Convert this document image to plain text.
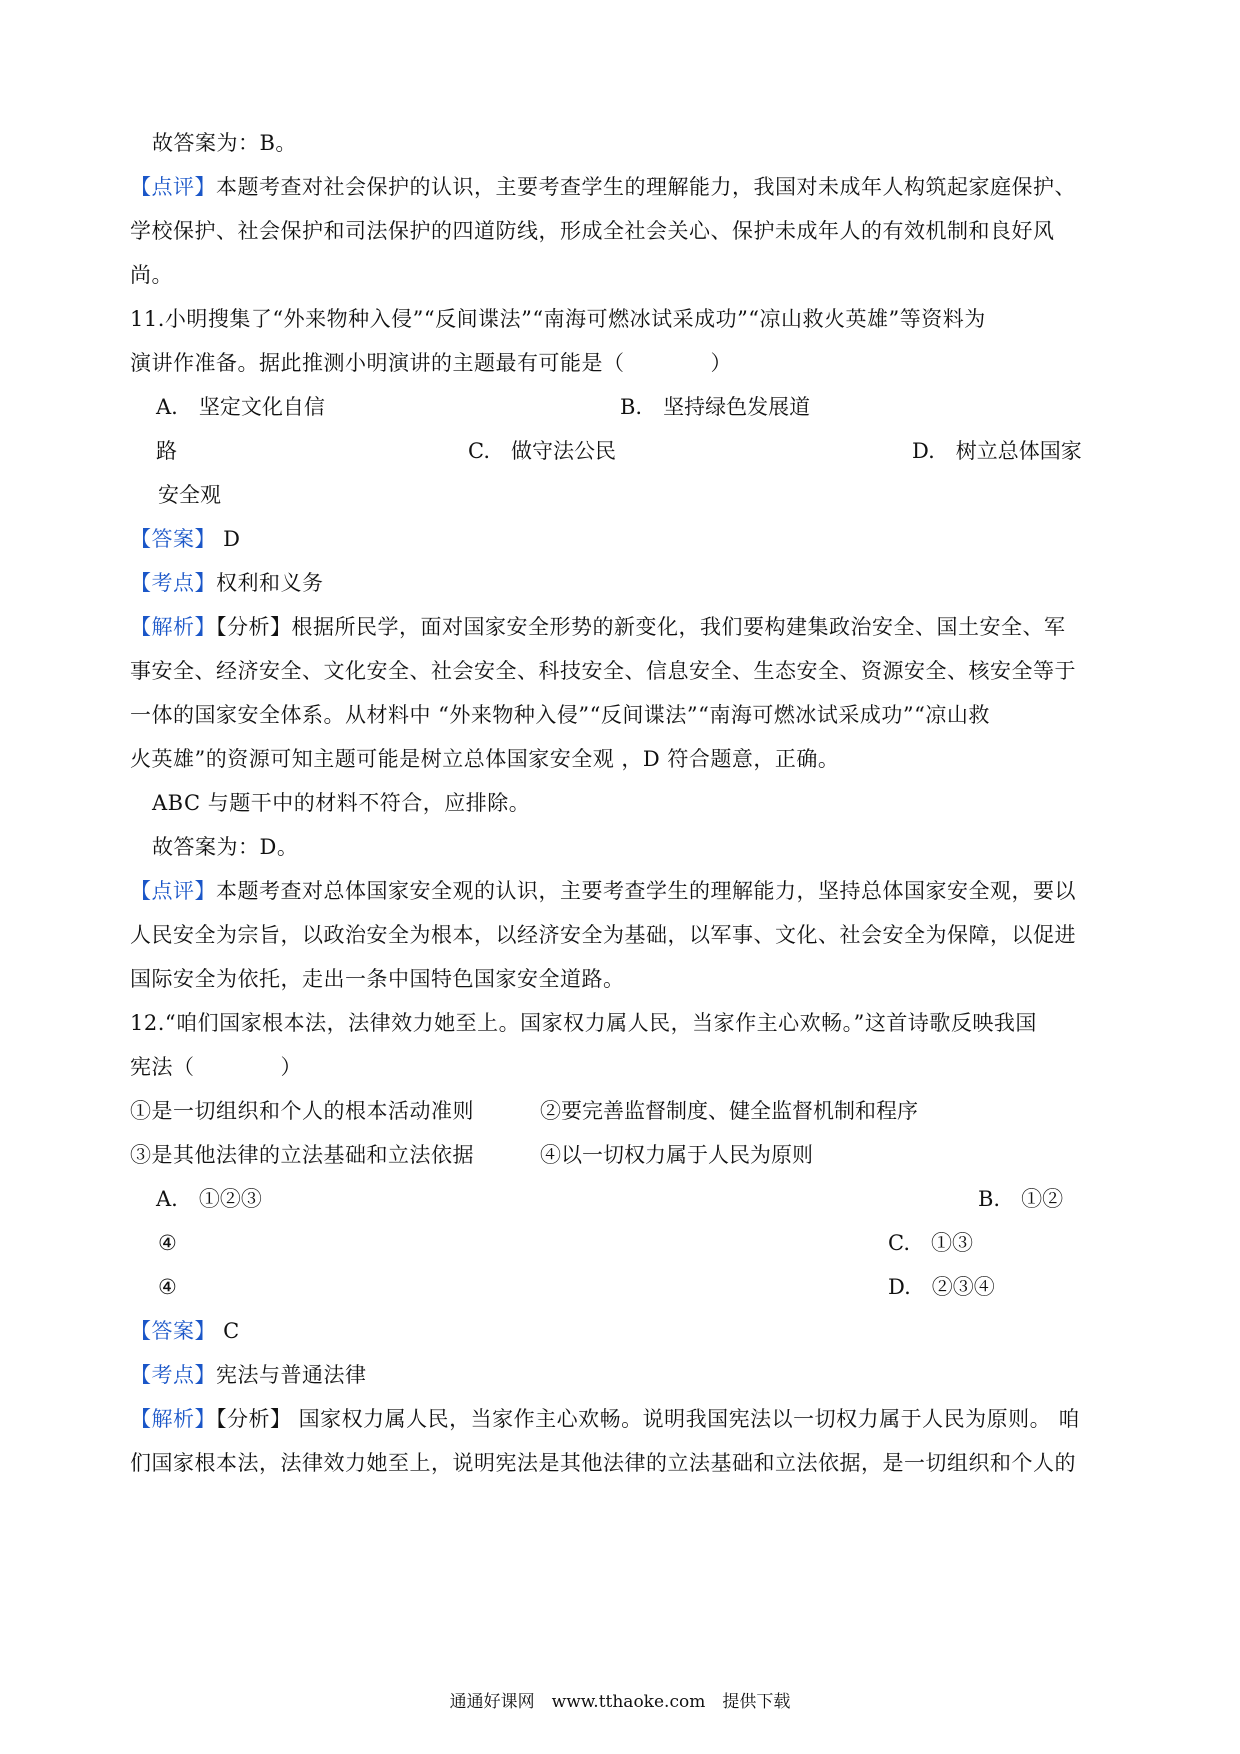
故答案为：B。
【点评】本题考查对社会保护的认识，主要考查学生的理解能力，我国对未成年人构筑起家庭保护、
学校保护、社会保护和司法保护的四道防线，形成全社会关心、保护未成年人的有效机制和良好风
尚。
11.小明搜集了“外来物种入侵”“反间谍法”“南海可燃冰试采成功”“凉山救火英雄”等资料为
演讲作准备。据此推测小明演讲的主题最有可能是（　　　　）
A.　坚定文化自信	B.　坚持绿色发展道
路	C.　做守法公民	D.　树立总体国家
安全观
【答案】 D
【考点】权利和义务
【解析】【分析】根据所民学，面对国家安全形势的新变化，我们要构建集政治安全、国土安全、军
事安全、经济安全、文化安全、社会安全、科技安全、信息安全、生态安全、资源安全、核安全等于
一体的国家安全体系。从材料中 “外来物种入侵”“反间谍法”“南海可燃冰试采成功”“凉山救
火英雄”的资源可知主题可能是树立总体国家安全观 ，D 符合题意，正确。
ABC 与题干中的材料不符合，应排除。
故答案为：D。
【点评】本题考查对总体国家安全观的认识，主要考查学生的理解能力，坚持总体国家安全观，要以
人民安全为宗旨，以政治安全为根本，以经济安全为基础，以军事、文化、社会安全为保障，以促进
国际安全为依托，走出一条中国特色国家安全道路。
12.“咱们国家根本法，法律效力她至上。国家权力属人民，当家作主心欢畅。”这首诗歌反映我国
宪法（　　　　）
①是一切组织和个人的根本活动准则	②要完善监督制度、健全监督机制和程序
③是其他法律的立法基础和立法依据	④以一切权力属于人民为原则
A.　①②③	B.　①②
④	C.　①③
④	D.　②③④
【答案】 C
【考点】宪法与普通法律
【解析】【分析】 国家权力属人民，当家作主心欢畅。说明我国宪法以一切权力属于人民为原则。 咱
们国家根本法，法律效力她至上，说明宪法是其他法律的立法基础和立法依据，是一切组织和个人的
通通好课网　www.tthaoke.com　提供下载
